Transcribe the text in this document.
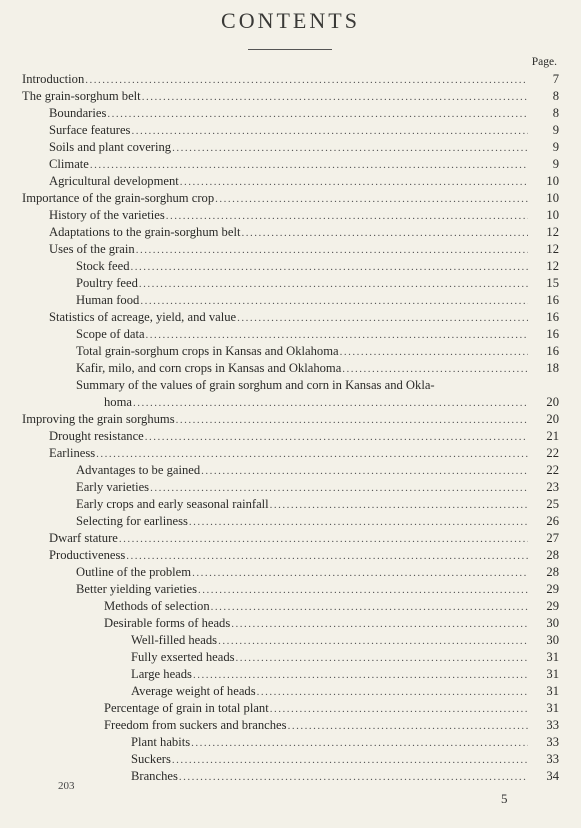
CONTENTS
Page.
Introduction .....	7
The grain-sorghum belt .....	8
Boundaries .....	8
Surface features .....	9
Soils and plant covering .....	9
Climate .....	9
Agricultural development .....	10
Importance of the grain-sorghum crop .....	10
History of the varieties .....	10
Adaptations to the grain-sorghum belt .....	12
Uses of the grain .....	12
Stock feed .....	12
Poultry feed .....	15
Human food .....	16
Statistics of acreage, yield, and value .....	16
Scope of data .....	16
Total grain-sorghum crops in Kansas and Oklahoma .....	16
Kafir, milo, and corn crops in Kansas and Oklahoma .....	18
Summary of the values of grain sorghum and corn in Kansas and Okla-
homa .....	20
Improving the grain sorghums .....	20
Drought resistance .....	21
Earliness .....	22
Advantages to be gained .....	22
Early varieties .....	23
Early crops and early seasonal rainfall .....	25
Selecting for earliness .....	26
Dwarf stature .....	27
Productiveness .....	28
Outline of the problem .....	28
Better yielding varieties .....	29
Methods of selection .....	29
Desirable forms of heads .....	30
Well-filled heads .....	30
Fully exserted heads .....	31
Large heads .....	31
Average weight of heads .....	31
Percentage of grain in total plant .....	31
Freedom from suckers and branches .....	33
Plant habits .....	33
Suckers .....	33
Branches .....	34
203
5
